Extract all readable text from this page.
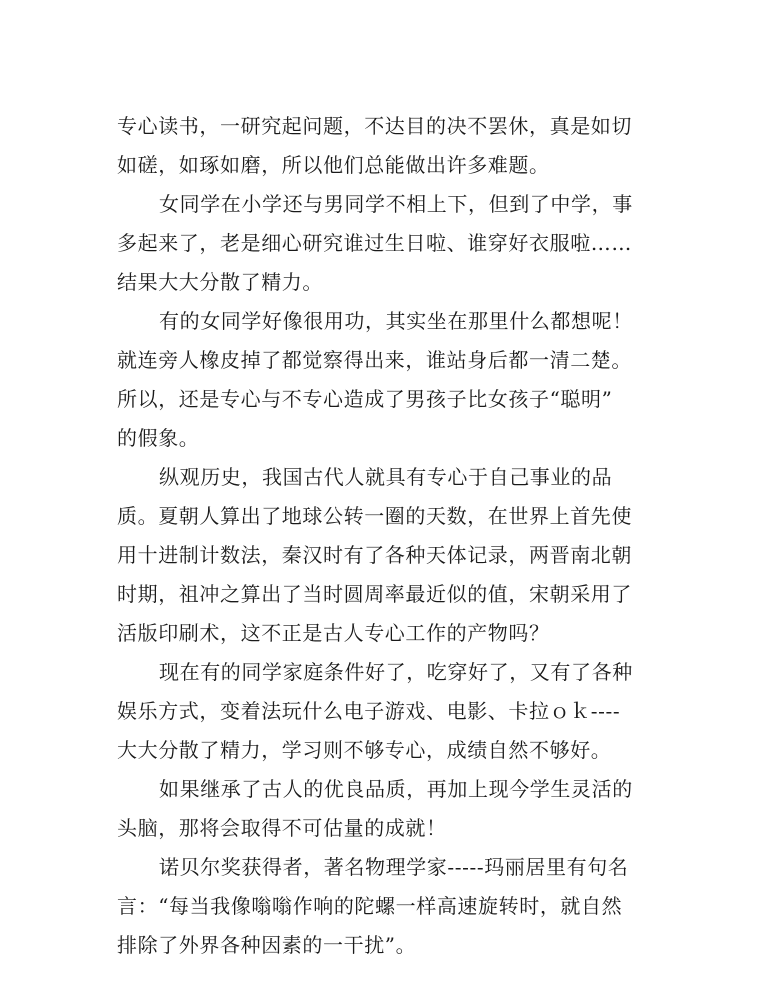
专心读书，一研究起问题，不达目的决不罢休，真是如切
如磋，如琢如磨，所以他们总能做出许多难题。
女同学在小学还与男同学不相上下，但到了中学，事
多起来了，老是细心研究谁过生日啦、谁穿好衣服啦……
结果大大分散了精力。
有的女同学好像很用功，其实坐在那里什么都想呢！
就连旁人橡皮掉了都觉察得出来，谁站身后都一清二楚。
所以，还是专心与不专心造成了男孩子比女孩子“聪明”
的假象。
纵观历史，我国古代人就具有专心于自己事业的品
质。夏朝人算出了地球公转一圈的天数，在世界上首先使
用十进制计数法，秦汉时有了各种天体记录，两晋南北朝
时期，祖冲之算出了当时圆周率最近似的值，宋朝采用了
活版印刷术，这不正是古人专心工作的产物吗？
现在有的同学家庭条件好了，吃穿好了，又有了各种
娱乐方式，变着法玩什么电子游戏、电影、卡拉ｏｋ----
大大分散了精力，学习则不够专心，成绩自然不够好。
如果继承了古人的优良品质，再加上现今学生灵活的
头脑，那将会取得不可估量的成就！
诺贝尔奖获得者，著名物理学家-----玛丽居里有句名
言：“每当我像嗡嗡作响的陀螺一样高速旋转时，就自然
排除了外界各种因素的一干扰”。
